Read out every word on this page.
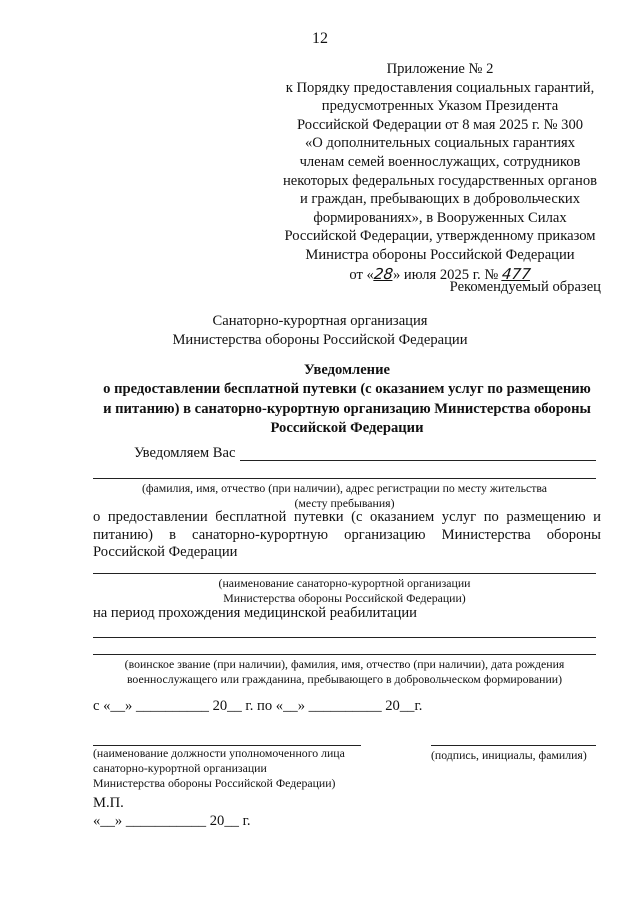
12
Приложение № 2
к Порядку предоставления социальных гарантий,
предусмотренных Указом Президента
Российской Федерации от 8 мая 2025 г. № 300
«О дополнительных социальных гарантиях
членам семей военнослужащих, сотрудников
некоторых федеральных государственных органов
и граждан, пребывающих в добровольческих
формированиях», в Вооруженных Силах
Российской Федерации, утвержденному приказом
Министра обороны Российской Федерации
от «28» июля 2025 г. № 477
Рекомендуемый образец
Санаторно-курортная организация
Министерства обороны Российской Федерации
Уведомление
о предоставлении бесплатной путевки (с оказанием услуг по размещению
и питанию) в санаторно-курортную организацию Министерства обороны
Российской Федерации
Уведомляем Вас
(фамилия, имя, отчество (при наличии), адрес регистрации по месту жительства
(месту пребывания)
о предоставлении бесплатной путевки (с оказанием услуг по размещению и питанию) в санаторно-курортную организацию Министерства обороны Российской Федерации
(наименование санаторно-курортной организации
Министерства обороны Российской Федерации)
на период прохождения медицинской реабилитации
(воинское звание (при наличии), фамилия, имя, отчество (при наличии), дата рождения
военнослужащего или гражданина, пребывающего в добровольческом формировании)
с «__» __________ 20__ г. по «__» __________ 20__г.
(наименование должности уполномоченного лица
санаторно-курортной организации
Министерства обороны Российской Федерации)
(подпись, инициалы, фамилия)
М.П.
«__» ___________ 20__ г.
